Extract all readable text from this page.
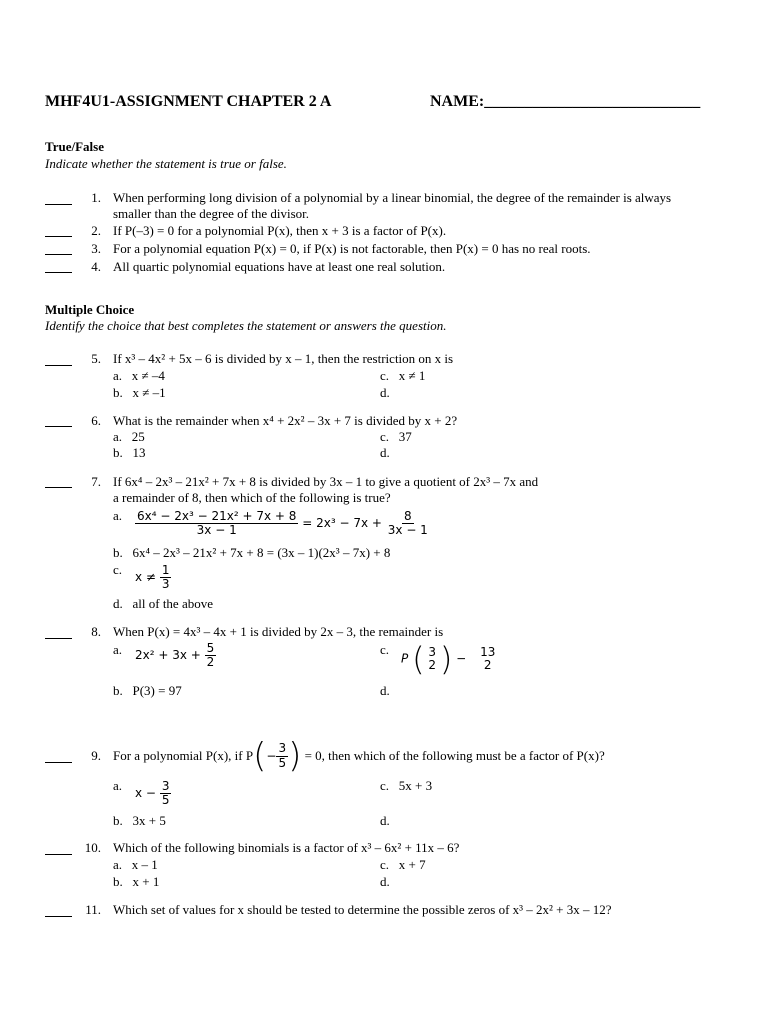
MHF4U1-ASSIGNMENT CHAPTER 2 A	NAME:___________________________
True/False
Indicate whether the statement is true or false.
1. When performing long division of a polynomial by a linear binomial, the degree of the remainder is always
smaller than the degree of the divisor.
2. If P(–3) = 0 for a polynomial P(x), then x + 3 is a factor of P(x).
3. For a polynomial equation P(x) = 0, if P(x) is not factorable, then P(x) = 0 has no real roots.
4. All quartic polynomial equations have at least one real solution.
Multiple Choice
Identify the choice that best completes the statement or answers the question.
5. If x³ – 4x² + 5x – 6 is divided by x – 1, then the restriction on x is
a. x ≠ –4	c. x ≠ 1
b. x ≠ –1	d.
6. What is the remainder when x⁴ + 2x² – 3x + 7 is divided by x + 2?
a. 25	c. 37
b. 13	d.
7. If 6x⁴ – 2x³ – 21x² + 7x + 8 is divided by 3x – 1 to give a quotient of 2x³ – 7x and
a remainder of 8, then which of the following is true?
a. $\frac{\text{6x⁴ − 2x³ − 21x² + 7x + 8}}{3x - 1} = 2x^3 - 7x + \frac{8}{3x - 1}$
b. 6x⁴ – 2x³ – 21x² + 7x + 8 = (3x – 1)(2x³ – 7x) + 8
c.
$x \ne \frac{1}{3}$
d. all of the above
8. When P(x) = 4x³ – 4x + 1 is divided by 2x – 3, the remainder is
a. $2x^2 + 3x + \frac{5}{2}$	c.
P ( 3
2 ) − 13
2
b. P(3) = 97	d.
9. For a polynomial P(x), if $P(- \frac{3}{5}$ ) = 0, then which of the following must be a factor of P(x)?
a.
$x - \frac{3}{5}$	c. 5x + 3
b. 3x + 5	d.
10. Which of the following binomials is a factor of x³ – 6x² + 11x – 6?
a. x – 1	c. x + 7
b. x + 1	d.
11. Which set of values for x should be tested to determine the possible zeros of x³ – 2x² + 3x – 12?
